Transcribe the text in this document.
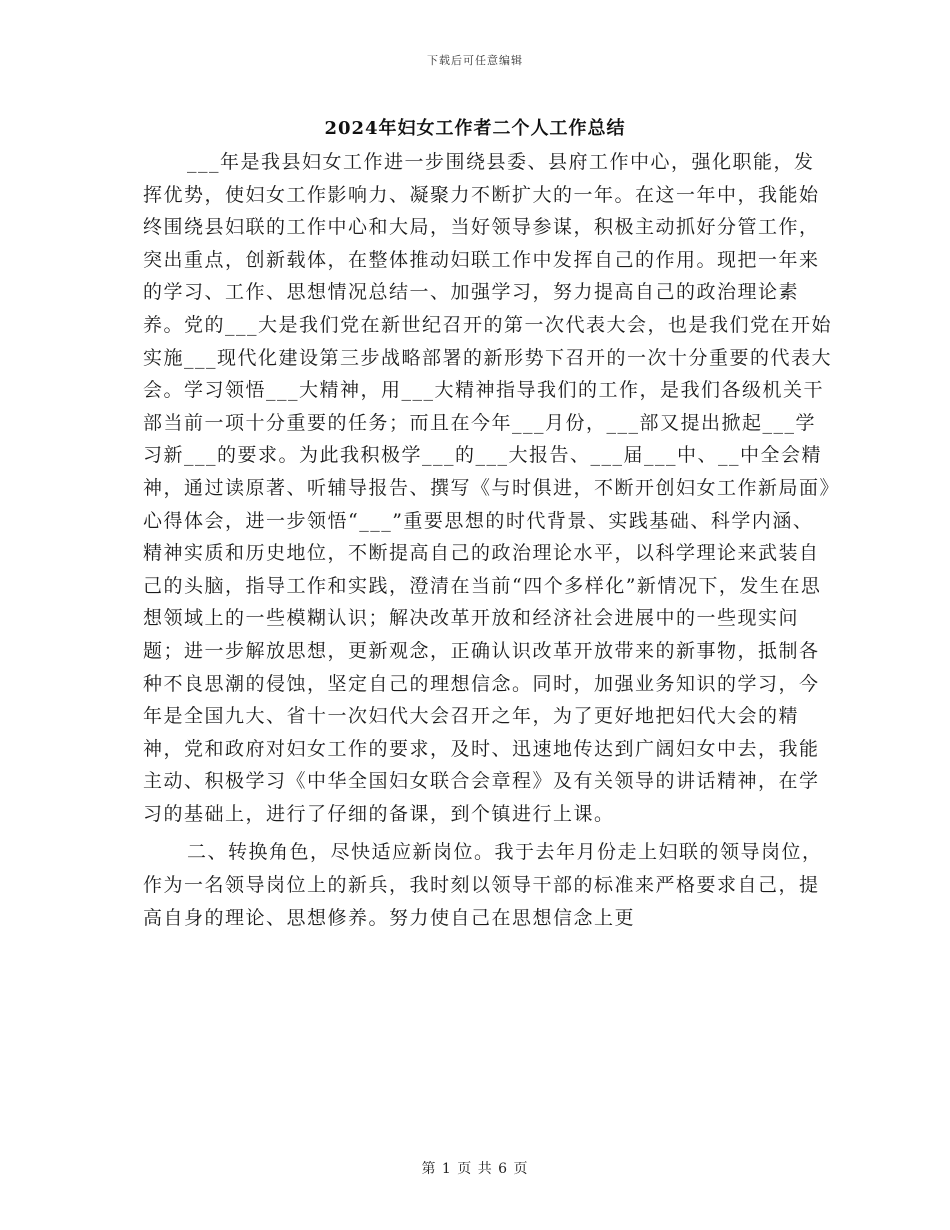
下载后可任意编辑
2024年妇女工作者二个人工作总结

___年是我县妇女工作进一步围绕县委、县府工作中心，强化职能，发挥优势，使妇女工作影响力、凝聚力不断扩大的一年。在这一年中，我能始终围绕县妇联的工作中心和大局，当好领导参谋，积极主动抓好分管工作，突出重点，创新载体，在整体推动妇联工作中发挥自己的作用。现把一年来的学习、工作、思想情况总结一、加强学习，努力提高自己的政治理论素养。党的___大是我们党在新世纪召开的第一次代表大会，也是我们党在开始实施___现代化建设第三步战略部署的新形势下召开的一次十分重要的代表大会。学习领悟___大精神，用___大精神指导我们的工作，是我们各级机关干部当前一项十分重要的任务；而且在今年___月份，___部又提出掀起___学习新___的要求。为此我积极学___的___大报告、___届___中、__中全会精神，通过读原著、听辅导报告、撰写《与时俱进，不断开创妇女工作新局面》心得体会，进一步领悟“___”重要思想的时代背景、实践基础、科学内涵、精神实质和历史地位，不断提高自己的政治理论水平，以科学理论来武装自己的头脑，指导工作和实践，澄清在当前“四个多样化”新情况下，发生在思想领域上的一些模糊认识；解决改革开放和经济社会进展中的一些现实问题；进一步解放思想，更新观念，正确认识改革开放带来的新事物，抵制各种不良思潮的侵蚀，坚定自己的理想信念。同时，加强业务知识的学习，今年是全国九大、省十一次妇代大会召开之年，为了更好地把妇代大会的精神，党和政府对妇女工作的要求，及时、迅速地传达到广阔妇女中去，我能主动、积极学习《中华全国妇女联合会章程》及有关领导的讲话精神，在学习的基础上，进行了仔细的备课，到个镇进行上课。

二、转换角色，尽快适应新岗位。我于去年月份走上妇联的领导岗位，作为一名领导岗位上的新兵，我时刻以领导干部的标准来严格要求自己，提高自身的理论、思想修养。努力使自己在思想信念上更

第 1 页 共 6 页
